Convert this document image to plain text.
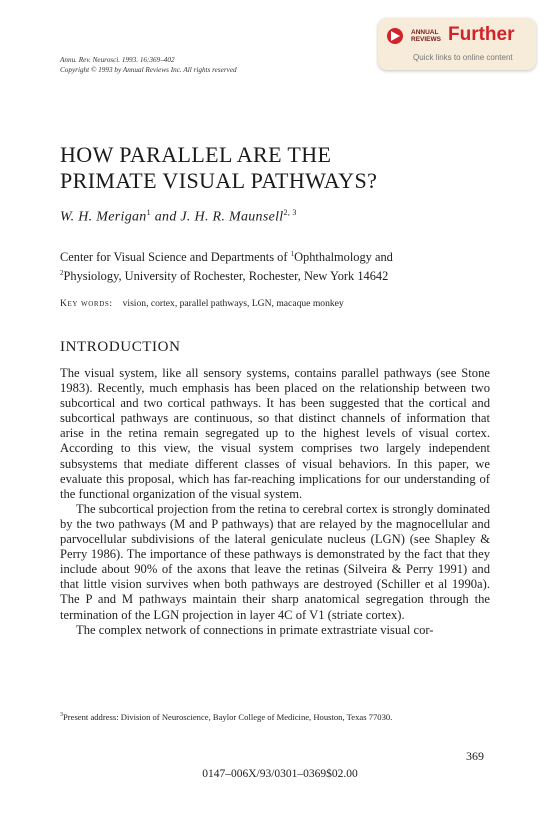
Annu. Rev. Neurosci. 1993. 16:369–402
Copyright © 1993 by Annual Reviews Inc. All rights reserved
ANNUAL
REVIEWS Further
Quick links to online content
HOW PARALLEL ARE THE
PRIMATE VISUAL PATHWAYS?
W. H. Merigan$^1$ and J. H. R. Maunsell$^{2, 3}$
Center for Visual Science and Departments of $^1$Ophthalmology and
$^2$Physiology, University of Rochester, Rochester, New York 14642
Key words: vision, cortex, parallel pathways, LGN, macaque monkey
INTRODUCTION

The visual system, like all sensory systems, contains parallel pathways (see Stone 1983). Recently, much emphasis has been placed on the relationship between two subcortical and two cortical pathways. It has been suggested that the cortical and subcortical pathways are continuous, so that distinct channels of information that arise in the retina remain segregated up to the highest levels of visual cortex. According to this view, the visual system comprises two largely independent subsystems that mediate different classes of visual behaviors. In this paper, we evaluate this proposal, which has far-reaching implications for our understanding of the functional organization of the visual system.

The subcortical projection from the retina to cerebral cortex is strongly dominated by the two pathways (M and P pathways) that are relayed by the magnocellular and parvocellular subdivisions of the lateral geniculate nucleus (LGN) (see Shapley & Perry 1986). The importance of these pathways is demonstrated by the fact that they include about 90% of the axons that leave the retinas (Silveira & Perry 1991) and that little vision survives when both pathways are destroyed (Schiller et al 1990a). The P and M pathways maintain their sharp anatomical segregation through the termination of the LGN projection in layer 4C of V1 (striate cortex).

The complex network of connections in primate extrastriate visual cor-

$^3$Present address: Division of Neuroscience, Baylor College of Medicine, Houston, Texas 77030.
369
0147–006X/93/0301–0369$02.00
